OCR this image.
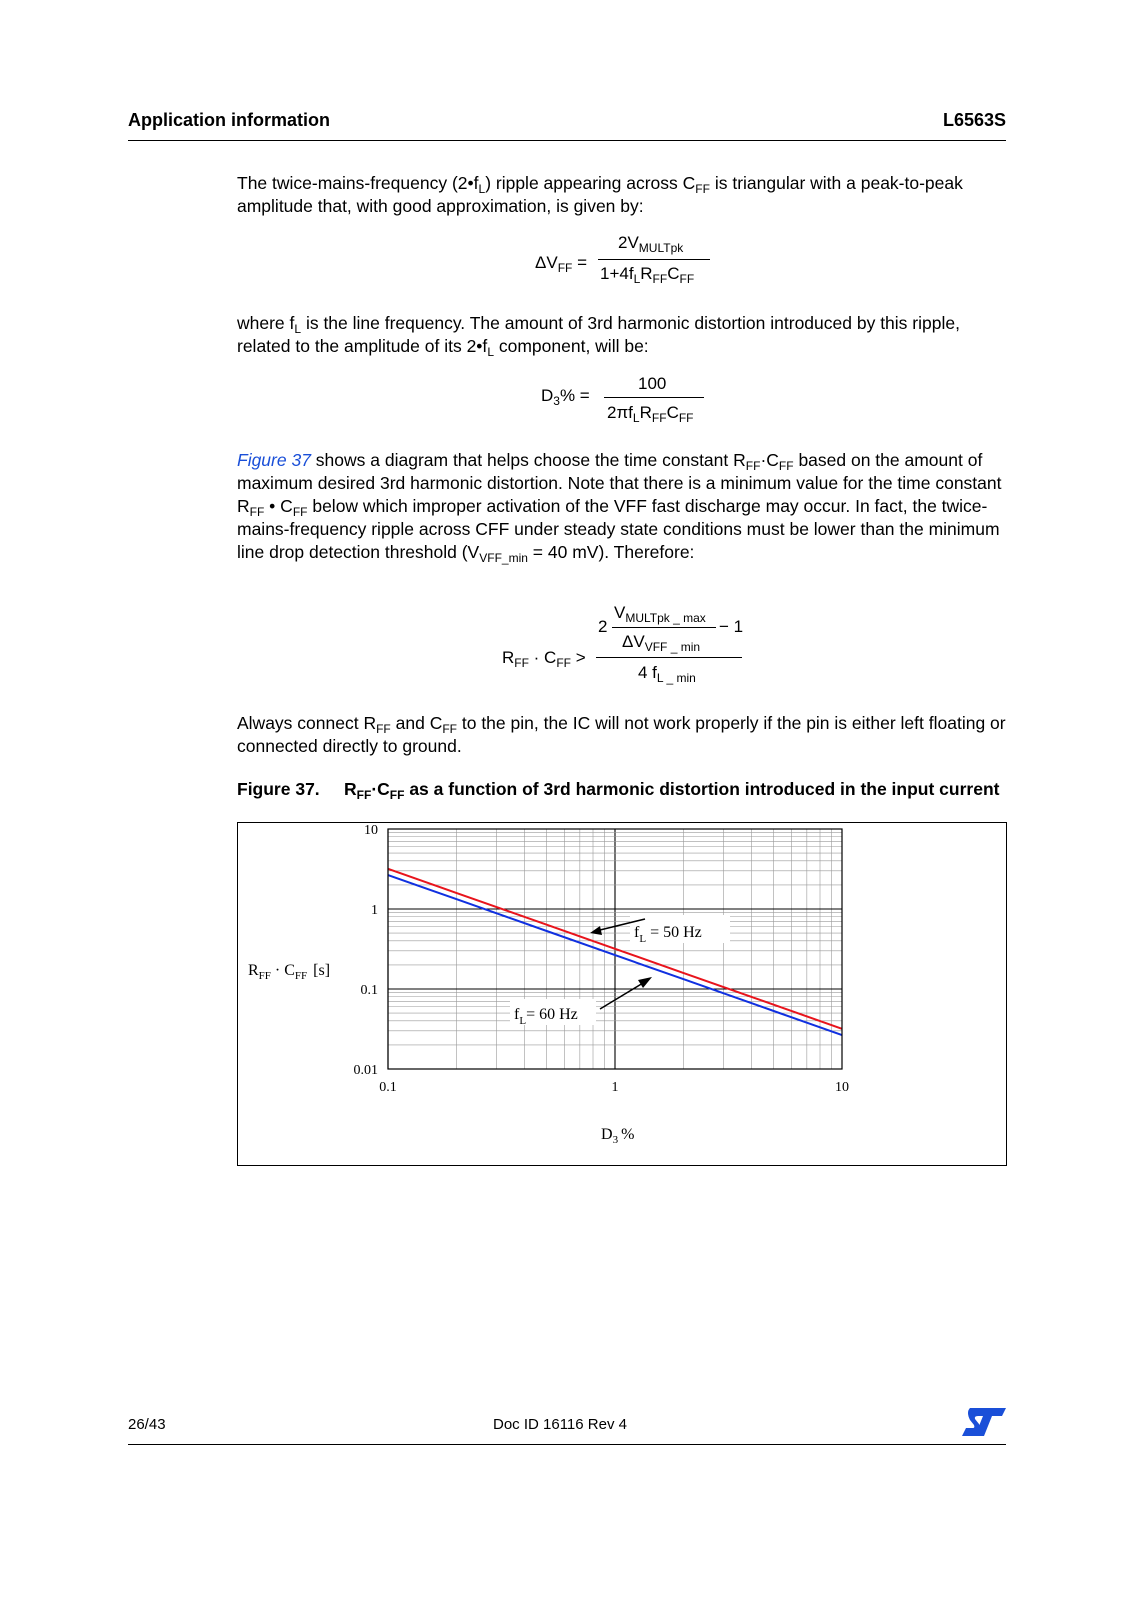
Application information	L6563S
The twice-mains-frequency $(2•f_L)$ ripple appearing across $C_{FF}$ is triangular with a peak-to-peak amplitude that, with good approximation, is given by:
$\Delta V_{FF}$ =
$2V_{MULTpk}$
$1+4f_LR_{FF}C_{FF}$
where $f_L$ is the line frequency. The amount of 3rd harmonic distortion introduced by this ripple, related to the amplitude of its $2•f_L$ component, will be:
$D_3\%$ =
100
$2\pi f_LR_{FF}C_{FF}$
Figure 37 shows a diagram that helps choose the time constant $R_{FF}\cdot C_{FF}$ based on the amount of maximum desired 3rd harmonic distortion. Note that there is a minimum value for the time constant $R_{FF}$ • $C_{FF}$ below which improper activation of the VFF fast discharge may occur. In fact, the twice-mains-frequency ripple across CFF under steady state conditions must be lower than the minimum line drop detection threshold ($V_{VFF\_min} = 40$ mV). Therefore:
$R_{FF} \cdot C_{FF}$ >
2
$V_{MULTpk \_ max}$
$\Delta V_{VFF \_ min}$
− 1
4 $f_{L \_ min}$
Always connect $R_{FF}$ and $C_{FF}$ to the pin, the IC will not work properly if the pin is either left floating or connected directly to ground.
Figure 37. $R_{FF}\cdot C_{FF}$ as a function of 3rd harmonic distortion introduced in the input current
0.1	1	10
10
1
0.1
0.01
$R_{FF} \cdot C_{FF}$ [s]
$D_3$ %
$f_L = 50$ Hz
$f_L= 60$ Hz
26/43	Doc ID 16116 Rev 4
